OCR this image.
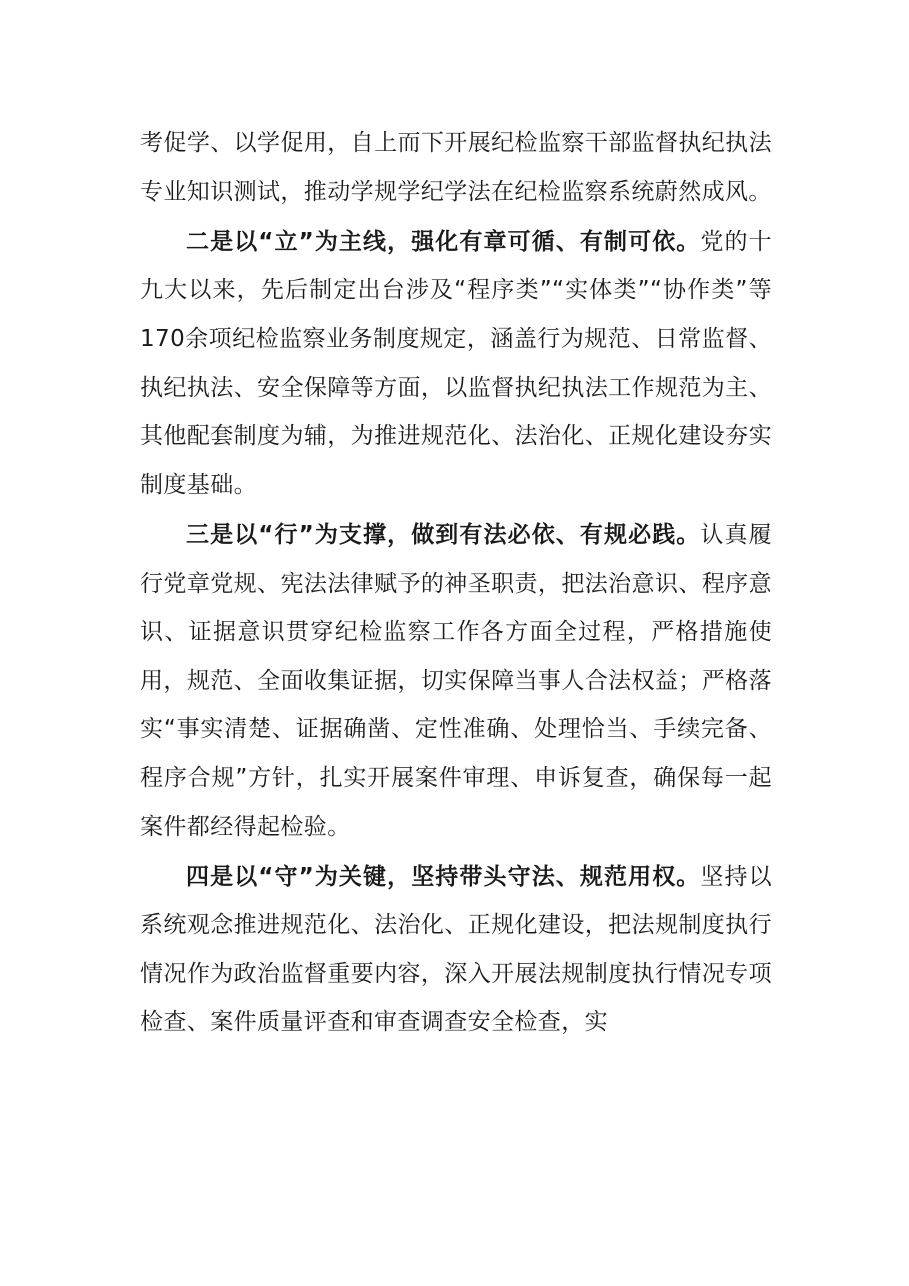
考促学、以学促用，自上而下开展纪检监察干部监督执纪执法专业知识测试，推动学规学纪学法在纪检监察系统蔚然成风。

二是以“立”为主线，强化有章可循、有制可依。党的十九大以来，先后制定出台涉及“程序类”“实体类”“协作类”等170余项纪检监察业务制度规定，涵盖行为规范、日常监督、执纪执法、安全保障等方面，以监督执纪执法工作规范为主、其他配套制度为辅，为推进规范化、法治化、正规化建设夯实制度基础。

三是以“行”为支撑，做到有法必依、有规必践。认真履行党章党规、宪法法律赋予的神圣职责，把法治意识、程序意识、证据意识贯穿纪检监察工作各方面全过程，严格措施使用，规范、全面收集证据，切实保障当事人合法权益；严格落实“事实清楚、证据确凿、定性准确、处理恰当、手续完备、程序合规”方针，扎实开展案件审理、申诉复查，确保每一起案件都经得起检验。

四是以“守”为关键，坚持带头守法、规范用权。坚持以系统观念推进规范化、法治化、正规化建设，把法规制度执行情况作为政治监督重要内容，深入开展法规制度执行情况专项检查、案件质量评查和审查调查安全检查，实
